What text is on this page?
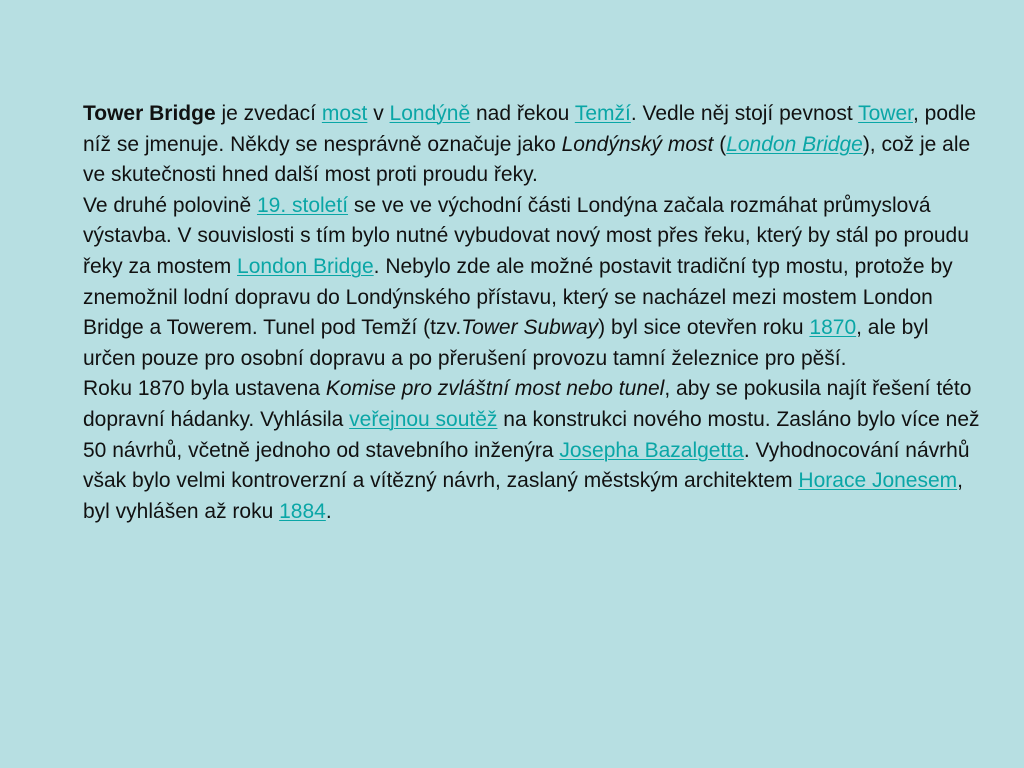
Tower Bridge je zvedací most v Londýně nad řekou Temží. Vedle něj stojí pevnost Tower, podle níž se jmenuje. Někdy se nesprávně označuje jako Londýnský most (London Bridge), což je ale ve skutečnosti hned další most proti proudu řeky.

Ve druhé polovině 19. století se ve ve východní části Londýna začala rozmáhat průmyslová výstavba. V souvislosti s tím bylo nutné vybudovat nový most přes řeku, který by stál po proudu řeky za mostem London Bridge. Nebylo zde ale možné postavit tradiční typ mostu, protože by znemožnil lodní dopravu do Londýnského přístavu, který se nacházel mezi mostem London Bridge a Towerem. Tunel pod Temží (tzv.Tower Subway) byl sice otevřen roku 1870, ale byl určen pouze pro osobní dopravu a po přerušení provozu tamní železnice pro pěší.

Roku 1870 byla ustavena Komise pro zvláštní most nebo tunel, aby se pokusila najít řešení této dopravní hádanky. Vyhlásila veřejnou soutěž na konstrukci nového mostu. Zasláno bylo více než 50 návrhů, včetně jednoho od stavebního inženýra Josepha Bazalgetta. Vyhodnocování návrhů však bylo velmi kontroverzní a vítězný návrh, zaslaný městským architektem Horace Jonesem, byl vyhlášen až roku 1884.
